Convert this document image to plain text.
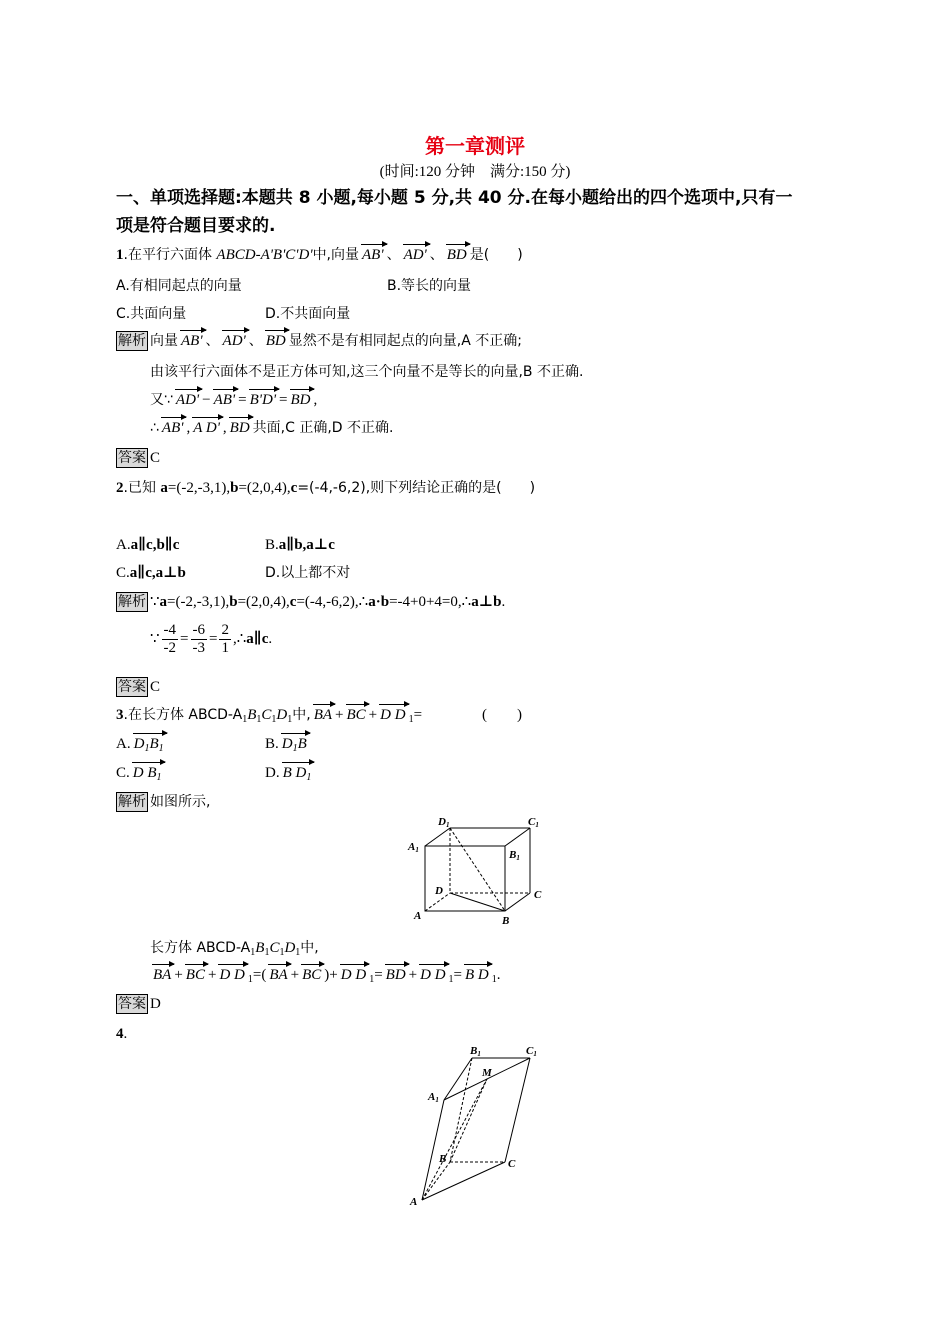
第一章测评
(时间:120 分钟　满分:150 分)
一、单项选择题:本题共 8 小题,每小题 5 分,共 40 分.在每小题给出的四个选项中,只有一
项是符合题目要求的.
1.在平行六面体 ABCD-A'B'C'D'中,向量 AB' 、 AD' 、 BD 是(　　)
A.有相同起点的向量	B.等长的向量
C.共面向量	D.不共面向量
解析 向量 AB' 、 AD' 、 BD 显然不是有相同起点的向量,A 不正确;
由该平行六面体不是正方体可知,这三个向量不是等长的向量,B 不正确.
又∵ AD' − AB' = B'D' = BD ,
∴ AB' , A D' , BD 共面,C 正确,D 不正确.
答案 C
2.已知 a=(-2,-3,1),b=(2,0,4),c=(-4,-6,2),则下列结论正确的是(　　)
A.a∥c,b∥c	B.a∥b,a⊥c
C.a∥c,a⊥b	D.以上都不对
解析 ∵a=(-2,-3,1),b=(2,0,4),c=(-4,-6,2),∴a·b=-4+0+4=0,∴a⊥b.
∵ $\frac{-4}{-2} = \frac{-6}{-3} = \frac{2}{1}$ ,∴a∥c.
答案 C
3.在长方体 ABCD-$A_1B_1C_1D_1$中, BA + BC + D D $_1$=　　　　(　　)
A. $D_1B_1$	B. $D_1B$
C. D $B_1$	D. B $D_1$
解析 如图所示,
D1	C1
A1	B1
D	C
A	B
长方体 ABCD-$A_1B_1C_1D_1$中,
BA + BC + D D $_1$=( BA + BC )+ D D $_1$= BD + D D $_1$= B D $_1$.
答案 D
4.
B1	C1
A1
M
B	C
A
